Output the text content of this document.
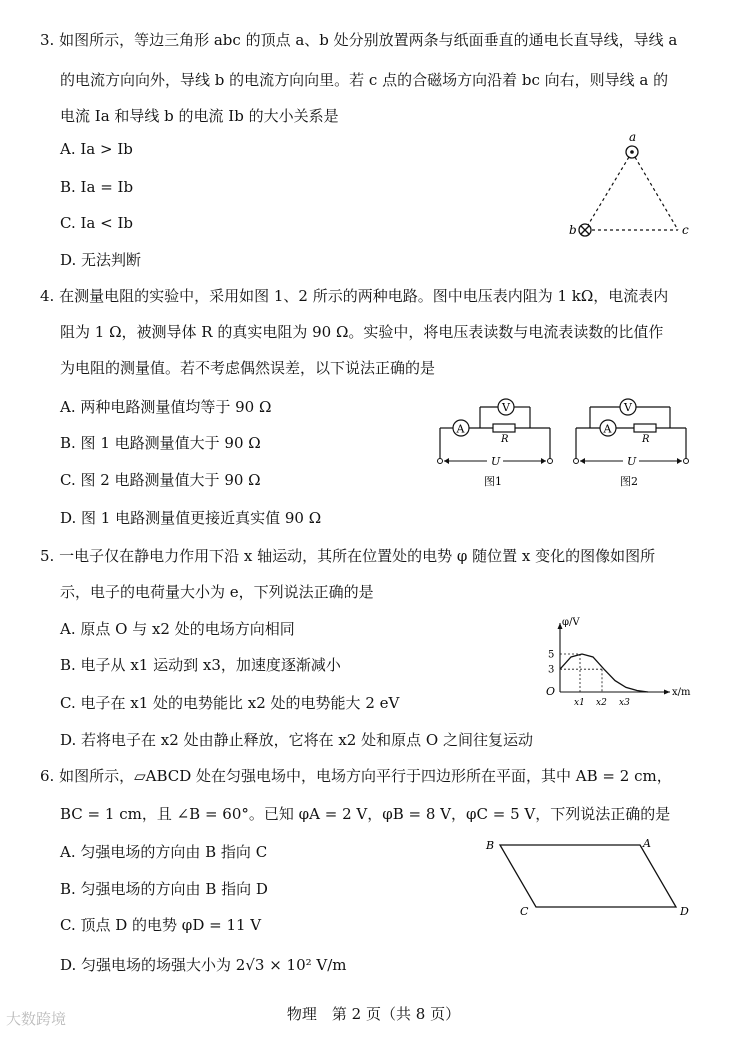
3. 如图所示，等边三角形 abc 的顶点 a、b 处分别放置两条与纸面垂直的通电长直导线，导线 a
的电流方向向外，导线 b 的电流方向向里。若 c 点的合磁场方向沿着 bc 向右，则导线 a 的
电流 Ia 和导线 b 的电流 Ib 的大小关系是
A. Ia > Ib
B. Ia = Ib
C. Ia < Ib
D. 无法判断
a
b	c
4. 在测量电阻的实验中，采用如图 1、2 所示的两种电路。图中电压表内阻为 1 kΩ，电流表内
阻为 1 Ω，被测导体 R 的真实电阻为 90 Ω。实验中，将电压表读数与电流表读数的比值作
为电阻的测量值。若不考虑偶然误差，以下说法正确的是
A. 两种电路测量值均等于 90 Ω
B. 图 1 电路测量值大于 90 Ω
C. 图 2 电路测量值大于 90 Ω
D. 图 1 电路测量值更接近真实值 90 Ω
A
R
V
U
图1
A
R
V
U
图2
5. 一电子仅在静电力作用下沿 x 轴运动，其所在位置处的电势 φ 随位置 x 变化的图像如图所
示，电子的电荷量大小为 e，下列说法正确的是
A. 原点 O 与 x2 处的电场方向相同
B. 电子从 x1 运动到 x3，加速度逐渐减小
C. 电子在 x1 处的电势能比 x2 处的电势能大 2 eV
D. 若将电子在 x2 处由静止释放，它将在 x2 处和原点 O 之间往复运动
φ/V
x/m
O
5
3
x1 x2 x3
6. 如图所示，▱ABCD 处在匀强电场中，电场方向平行于四边形所在平面，其中 AB = 2 cm，
BC = 1 cm，且 ∠B = 60°。已知 φA = 2 V，φB = 8 V，φC = 5 V，下列说法正确的是
A. 匀强电场的方向由 B 指向 C
B. 匀强电场的方向由 B 指向 D
C. 顶点 D 的电势 φD = 11 V
D. 匀强电场的场强大小为 2√3 × 10² V/m
B	A
C	D
大数跨境	物理　第 2 页（共 8 页）
